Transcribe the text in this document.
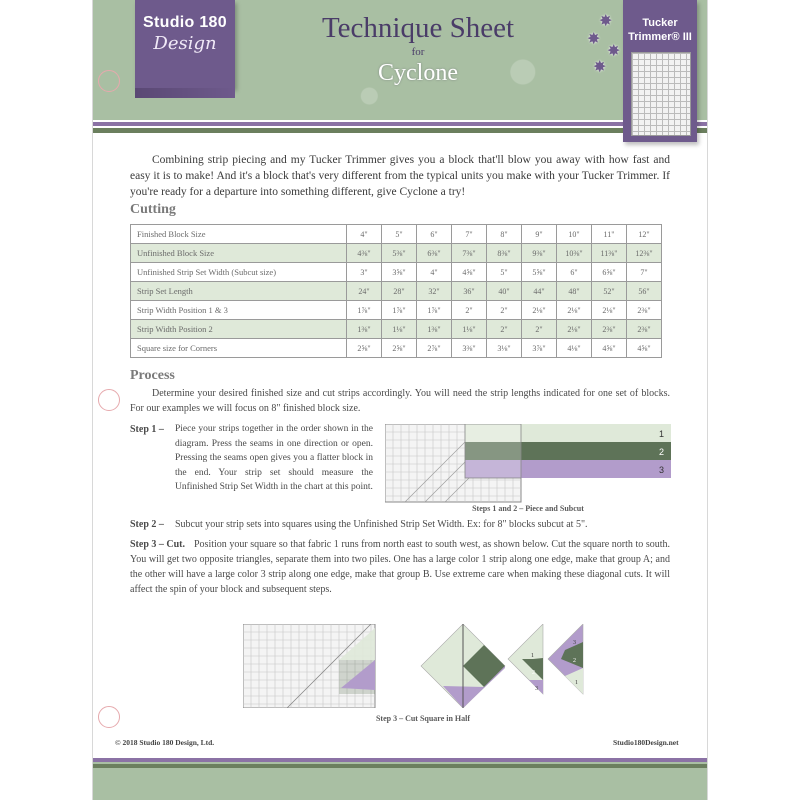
Studio 180
Design	Technique Sheet
for
Cyclone
✸
✸
✸
✸
Tucker
Trimmer® III
Combining strip piecing and my Tucker Trimmer gives you a block that'll blow you away with how fast and easy it is to make! And it's a block that's very different from the typical units you make with your Tucker Trimmer. If you're ready for a departure into something different, give Cyclone a try!
Cutting
Finished Block Size	4"	5"	6"	7"	8"	9"	10"	11"	12"
Unfinished Block Size	4⅜"	5⅜"	6⅜"	7⅜"	8⅜"	9⅜"	10⅜"	11⅜"	12⅜"
Unfinished Strip Set Width (Subcut size)	3"	3⅝"	4"	4⅝"	5"	5⅝"	6"	6⅝"	7"
Strip Set Length	24"	28"	32"	36"	40"	44"	48"	52"	56"
Strip Width Position 1 & 3	1⅞"	1⅞"	1⅞"	2"	2"	2⅛"	2⅛"	2⅛"	2⅜"
Strip Width Position 2	1⅜"	1⅛"	1⅜"	1⅛"	2"	2"	2⅛"	2⅜"	2⅜"
Square size for Corners	2⅝"	2⅝"	2⅞"	3⅜"	3⅛"	3⅞"	4⅛"	4⅝"	4⅝"
Process
Determine your desired finished size and cut strips accordingly. You will need the strip lengths indicated for one set of blocks. For our examples we will focus on 8" finished block size.
Step 1 – Piece your strips together in the order shown in the diagram. Press the seams in one direction or open. Pressing the seams open gives you a flatter block in the end. Your strip set should measure the Unfinished Strip Set Width in the chart at this point.
1
2
3
Steps 1 and 2 – Piece and Subcut
Step 2 – Subcut your strip sets into squares using the Unfinished Strip Set Width. Ex: for 8" blocks subcut at 5".
Step 3 – Cut. Position your square so that fabric 1 runs from north east to south west, as shown below. Cut the square north to south. You will get two opposite triangles, separate them into two piles. One has a large color 1 strip along one edge, make that group A; and the other will have a large color 3 strip along one edge, make that group B. Use extreme care when making these diagonal cuts. It will affect the spin of your block and subsequent steps.
1
2
3
3
2
1
Step 3 – Cut Square in Half
© 2018 Studio 180 Design, Ltd.	Studio180Design.net
